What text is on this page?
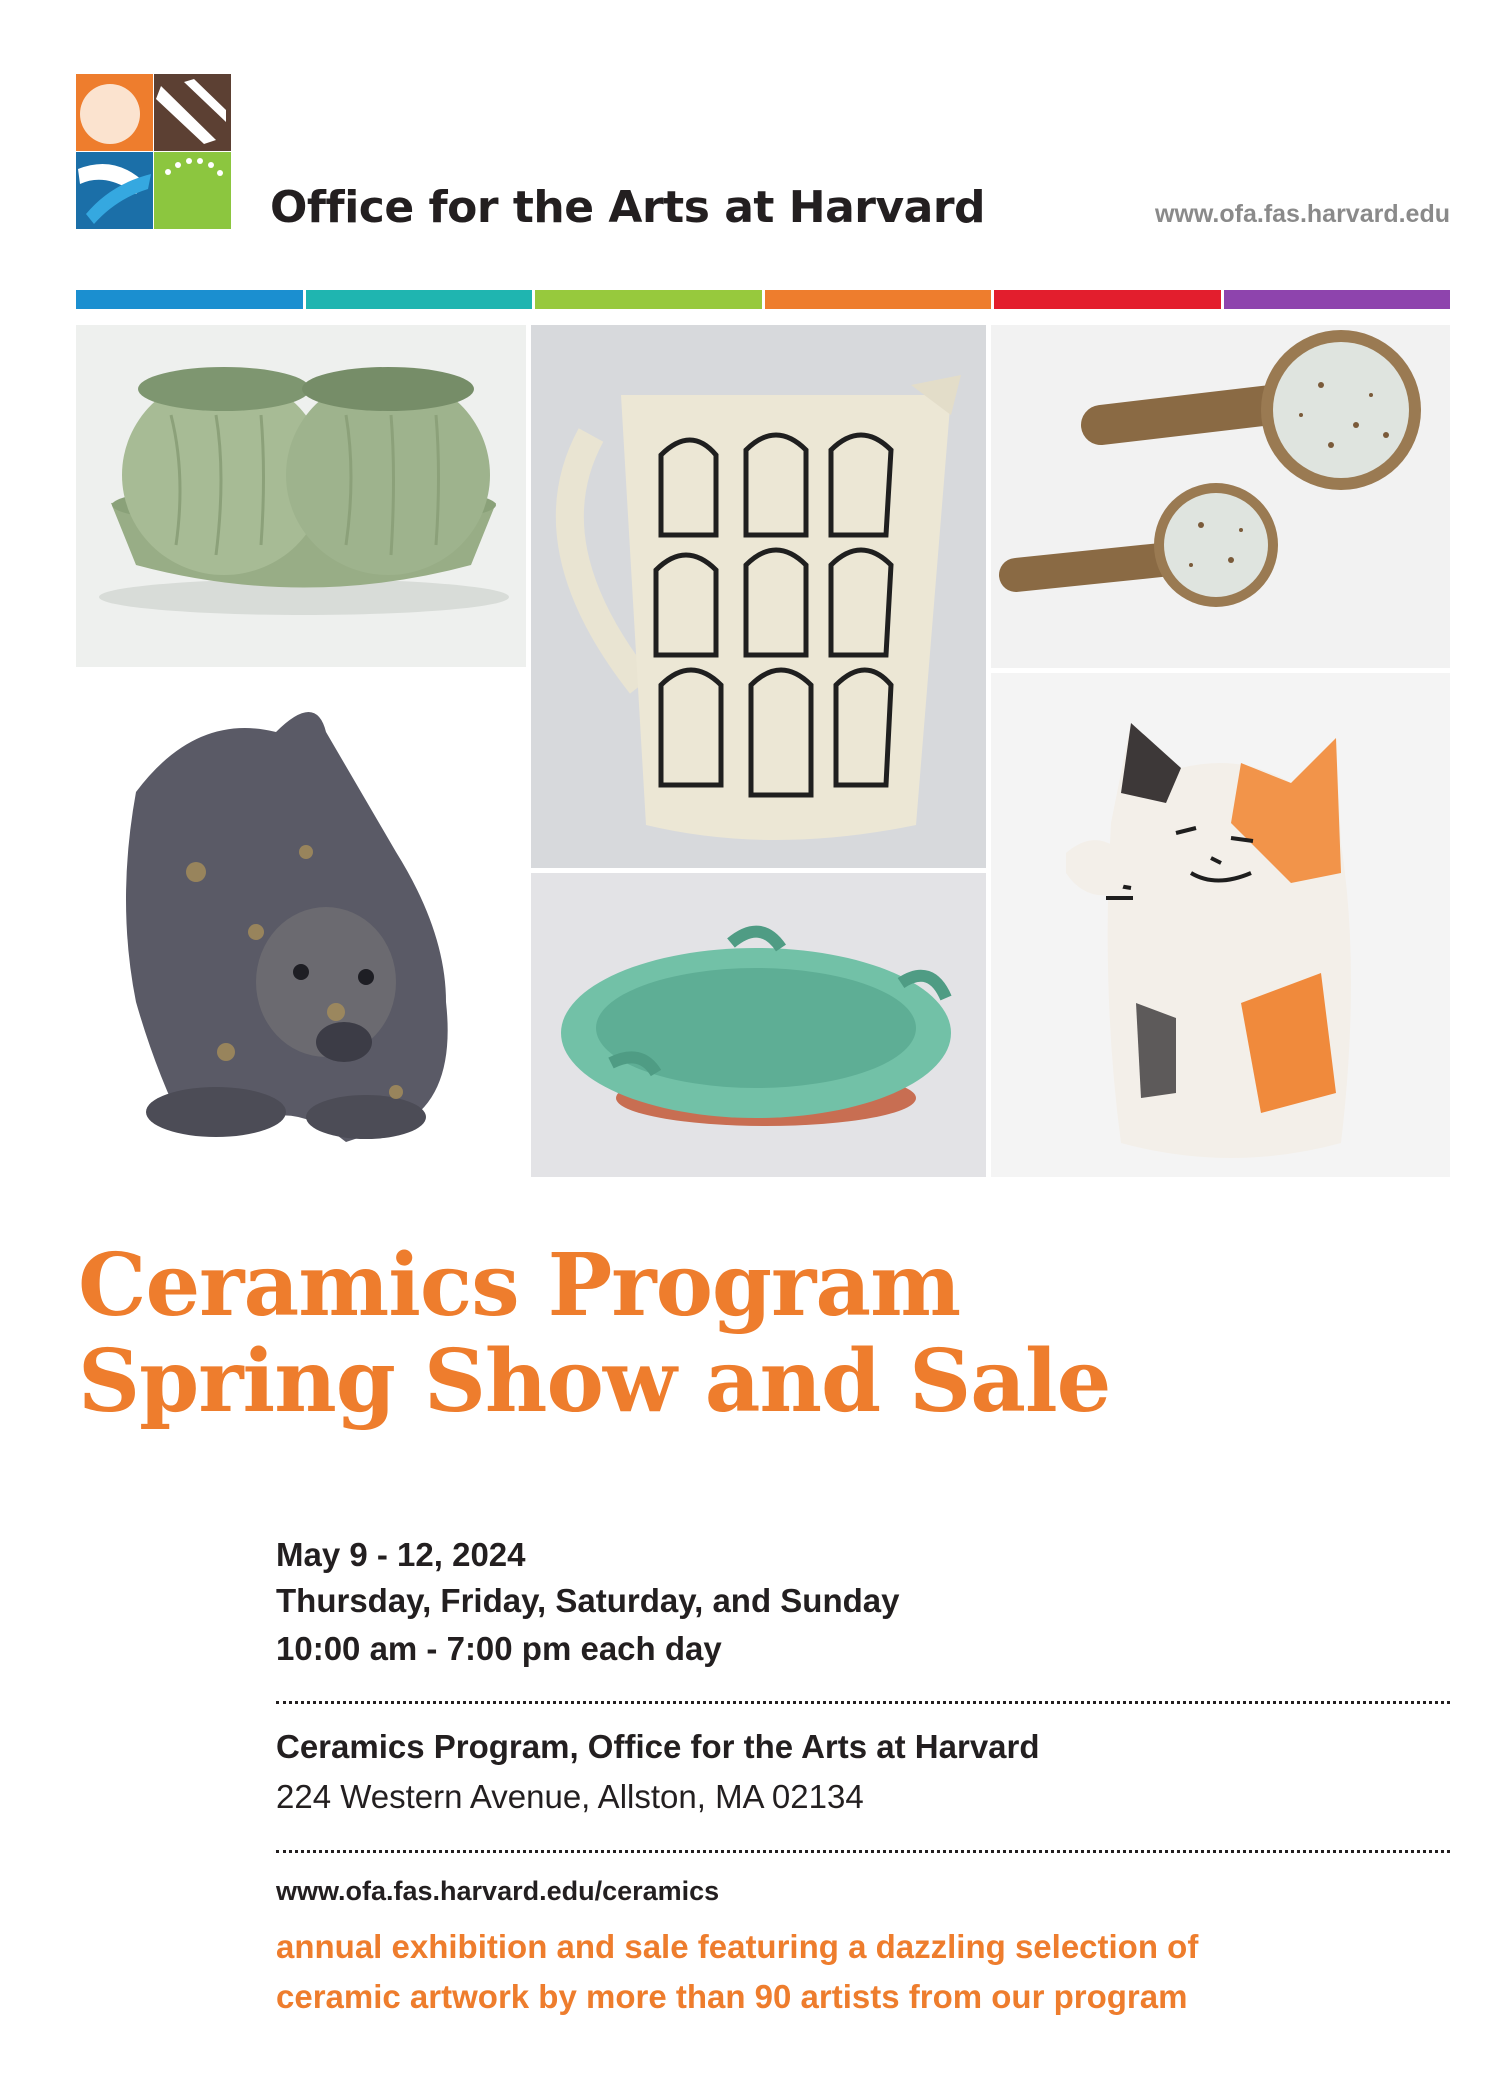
Office for the Arts at Harvard	www.ofa.fas.harvard.edu
Ceramics Program
Spring Show and Sale
May 9 - 12, 2024
Thursday, Friday, Saturday, and Sunday
10:00 am - 7:00 pm each day
Ceramics Program, Office for the Arts at Harvard
224 Western Avenue, Allston, MA 02134
www.ofa.fas.harvard.edu/ceramics
annual exhibition and sale featuring a dazzling selection of
ceramic artwork by more than 90 artists from our program
